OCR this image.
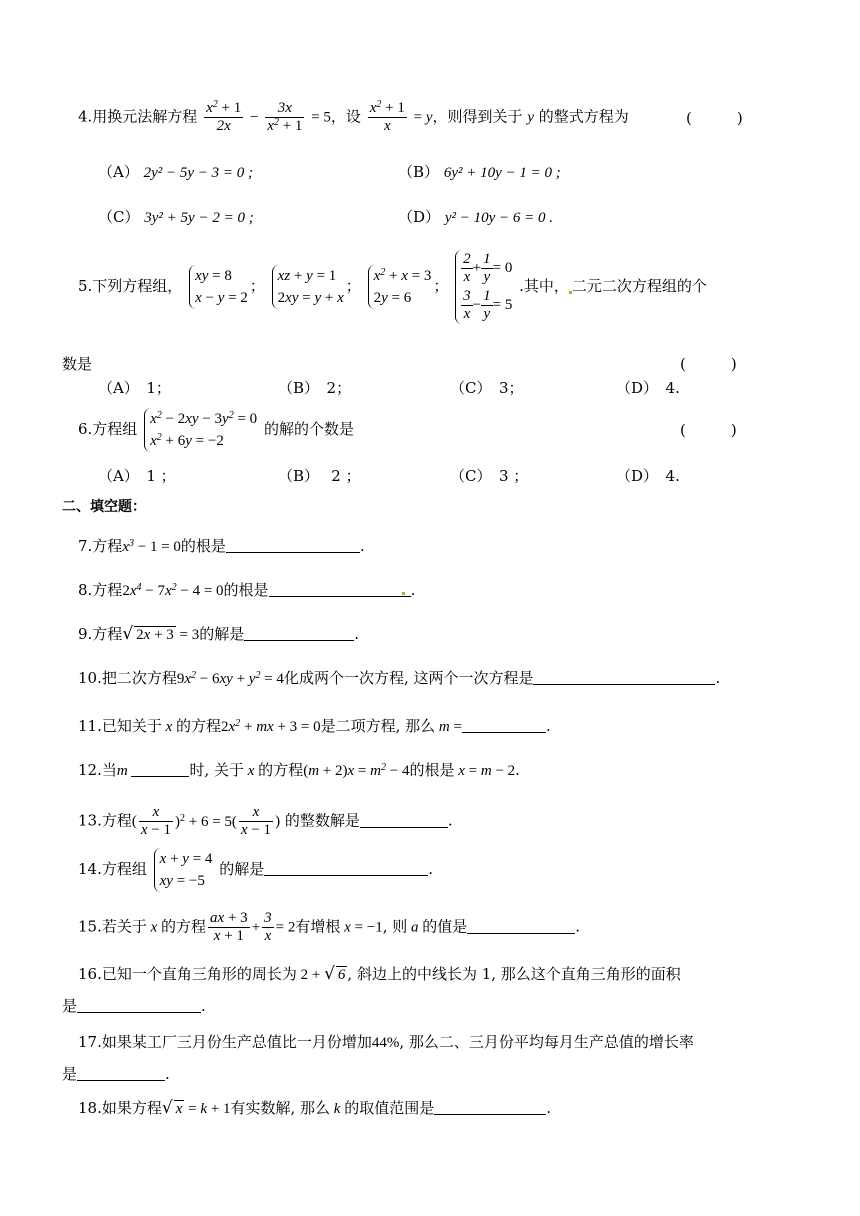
4.用换元法解方程 $\frac{x^2 + 1}{2x} - \frac{3x}{x^2 + 1} = 5$，设 $\frac{x^2 + 1}{x} = y$，则得到关于 y 的整式方程为	(　　　)
（A） 2y² − 5y − 3 = 0 ;	（B） 6y² + 10y − 1 = 0 ;
（C） 3y² + 5y − 2 = 0 ;	（D） y² − 10y − 6 = 0 .
5.下列方程组，
xy = 8
x − y = 2
；
xz + y = 1
2xy = y + x
；
$x^2 + x = 3$
2y = 6
； $\frac{2}{x} + \frac{1}{y} = 0$
$\frac{3}{x} - \frac{1}{y} = 5$
.其中， 二元二次方程组的个
数是	(　　　)
（A）　1；	（B）　2；	（C）　3；	（D）　4.
6.方程组
$x^2 - 2xy - 3y^2 = 0$
$x^2 + 6y = -2$
的解的个数是	(　　　)
（A）　1 ；	（B）　 2 ；	（C）　3 ；	（D）　4.
二、填空题：
7.方程$x^3 - 1 = 0$的根是	.
8.方程$2x^4 - 7x^2 - 4 = 0$的根是	.
9.方程√ 2x + 3 = 3的解是	.
10.把二次方程$9x^2 - 6xy + y^2 = 4$化成两个一次方程, 这两个一次方程是	.
11.已知关于 x 的方程$2x^2$ + mx + 3 = 0是二项方程, 那么 m =	.
12.当m	时, 关于 x 的方程$(m + 2)x = m^2 - 4$的根是 x = m − 2.
13.方程( $\frac{x}{x - 1} )^2 + 6 = 5( \frac{x}{x - 1}$ ) 的整数解是	.
14.方程组
x + y = 4
xy = −5
的解是	.
15.若关于 x 的方程 $\frac{ax + 3}{x + 1} + \frac{3}{x} = 2$有增根 x = −1, 则 a 的值是	.
16.已知一个直角三角形的周长为 2 + √ 6 , 斜边上的中线长为 1, 那么这个直角三角形的面积
是	.
17.如果某工厂三月份生产总值比一月份增加44%, 那么二、三月份平均每月生产总值的增长率
是	.
18.如果方程√ x = k + 1有实数解, 那么 k 的取值范围是	.
